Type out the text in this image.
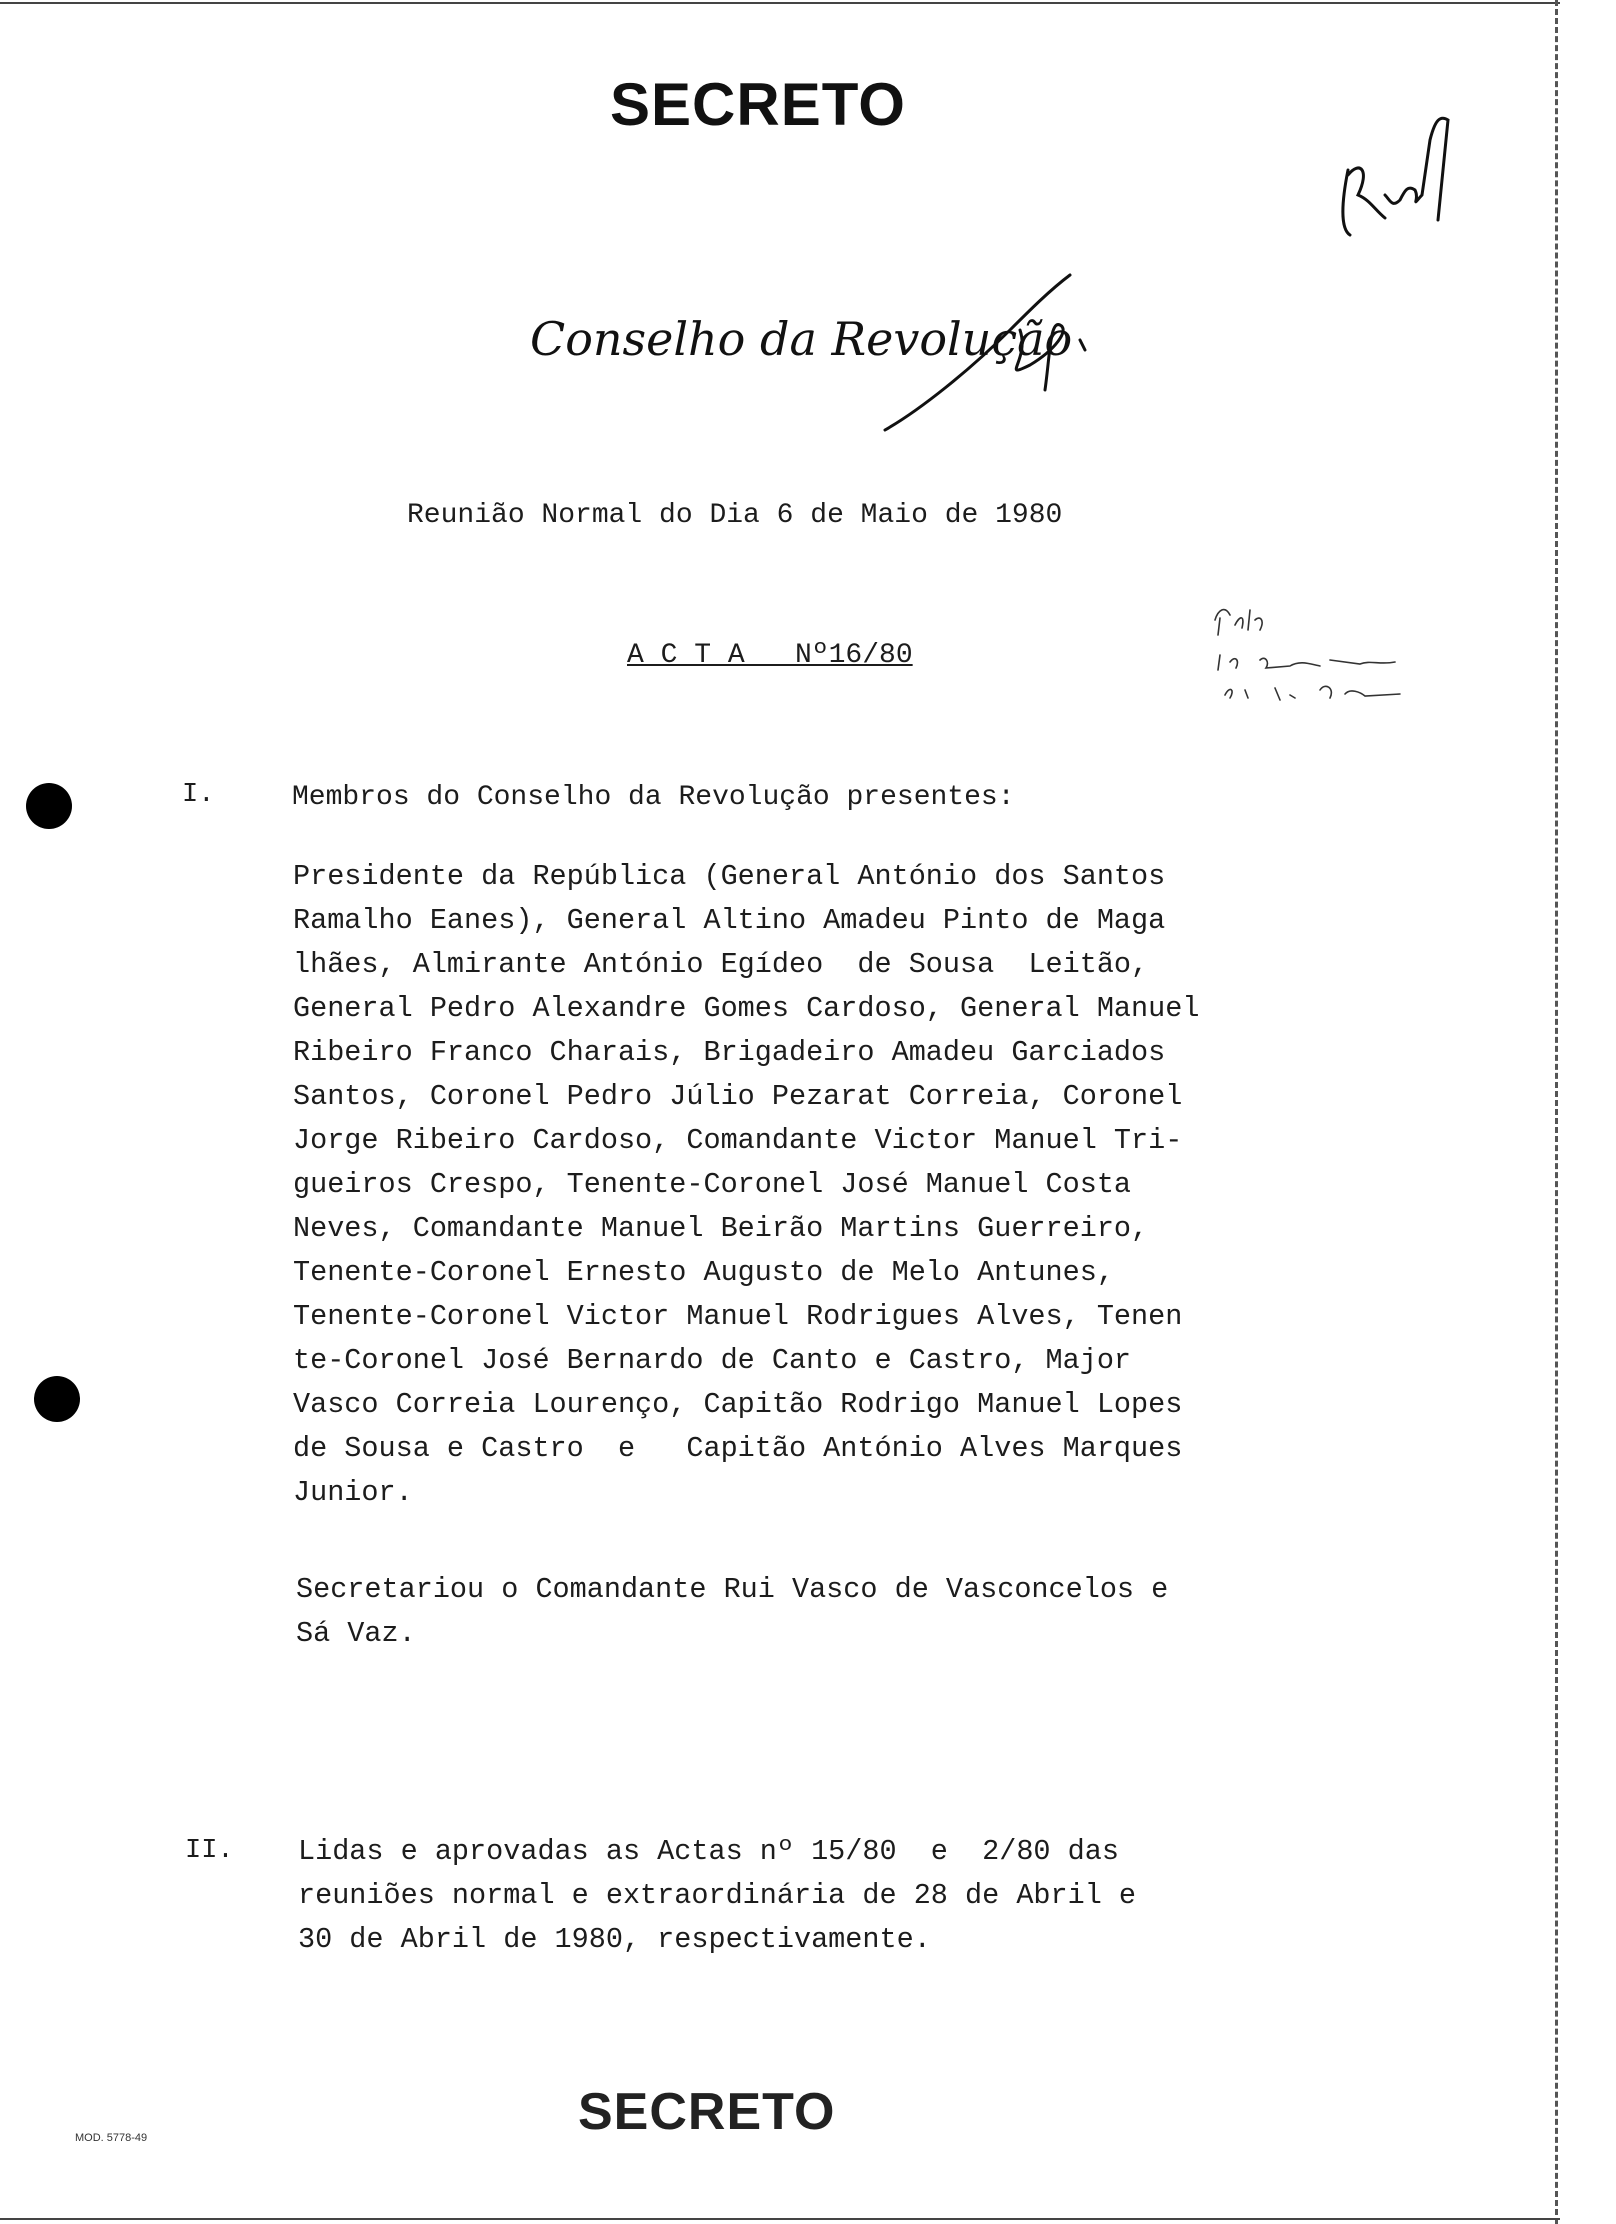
SECRETO
Conselho da Revolução
Reunião Normal do Dia 6 de Maio de 1980
A C T A   Nº16/80
I.	Membros do Conselho da Revolução presentes:
Presidente da República (General António dos Santos
Ramalho Eanes), General Altino Amadeu Pinto de Maga
lhães, Almirante António Egídeo  de Sousa  Leitão,
General Pedro Alexandre Gomes Cardoso, General Manuel
Ribeiro Franco Charais, Brigadeiro Amadeu Garciados
Santos, Coronel Pedro Júlio Pezarat Correia, Coronel
Jorge Ribeiro Cardoso, Comandante Victor Manuel Tri-
gueiros Crespo, Tenente-Coronel José Manuel Costa
Neves, Comandante Manuel Beirão Martins Guerreiro,
Tenente-Coronel Ernesto Augusto de Melo Antunes,
Tenente-Coronel Victor Manuel Rodrigues Alves, Tenen
te-Coronel José Bernardo de Canto e Castro, Major
Vasco Correia Lourenço, Capitão Rodrigo Manuel Lopes
de Sousa e Castro  e   Capitão António Alves Marques
Junior.
Secretariou o Comandante Rui Vasco de Vasconcelos e
Sá Vaz.
II. Lidas e aprovadas as Actas nº 15/80  e  2/80 das
reuniões normal e extraordinária de 28 de Abril e
30 de Abril de 1980, respectivamente.
SECRETO
MOD. 5778-49
